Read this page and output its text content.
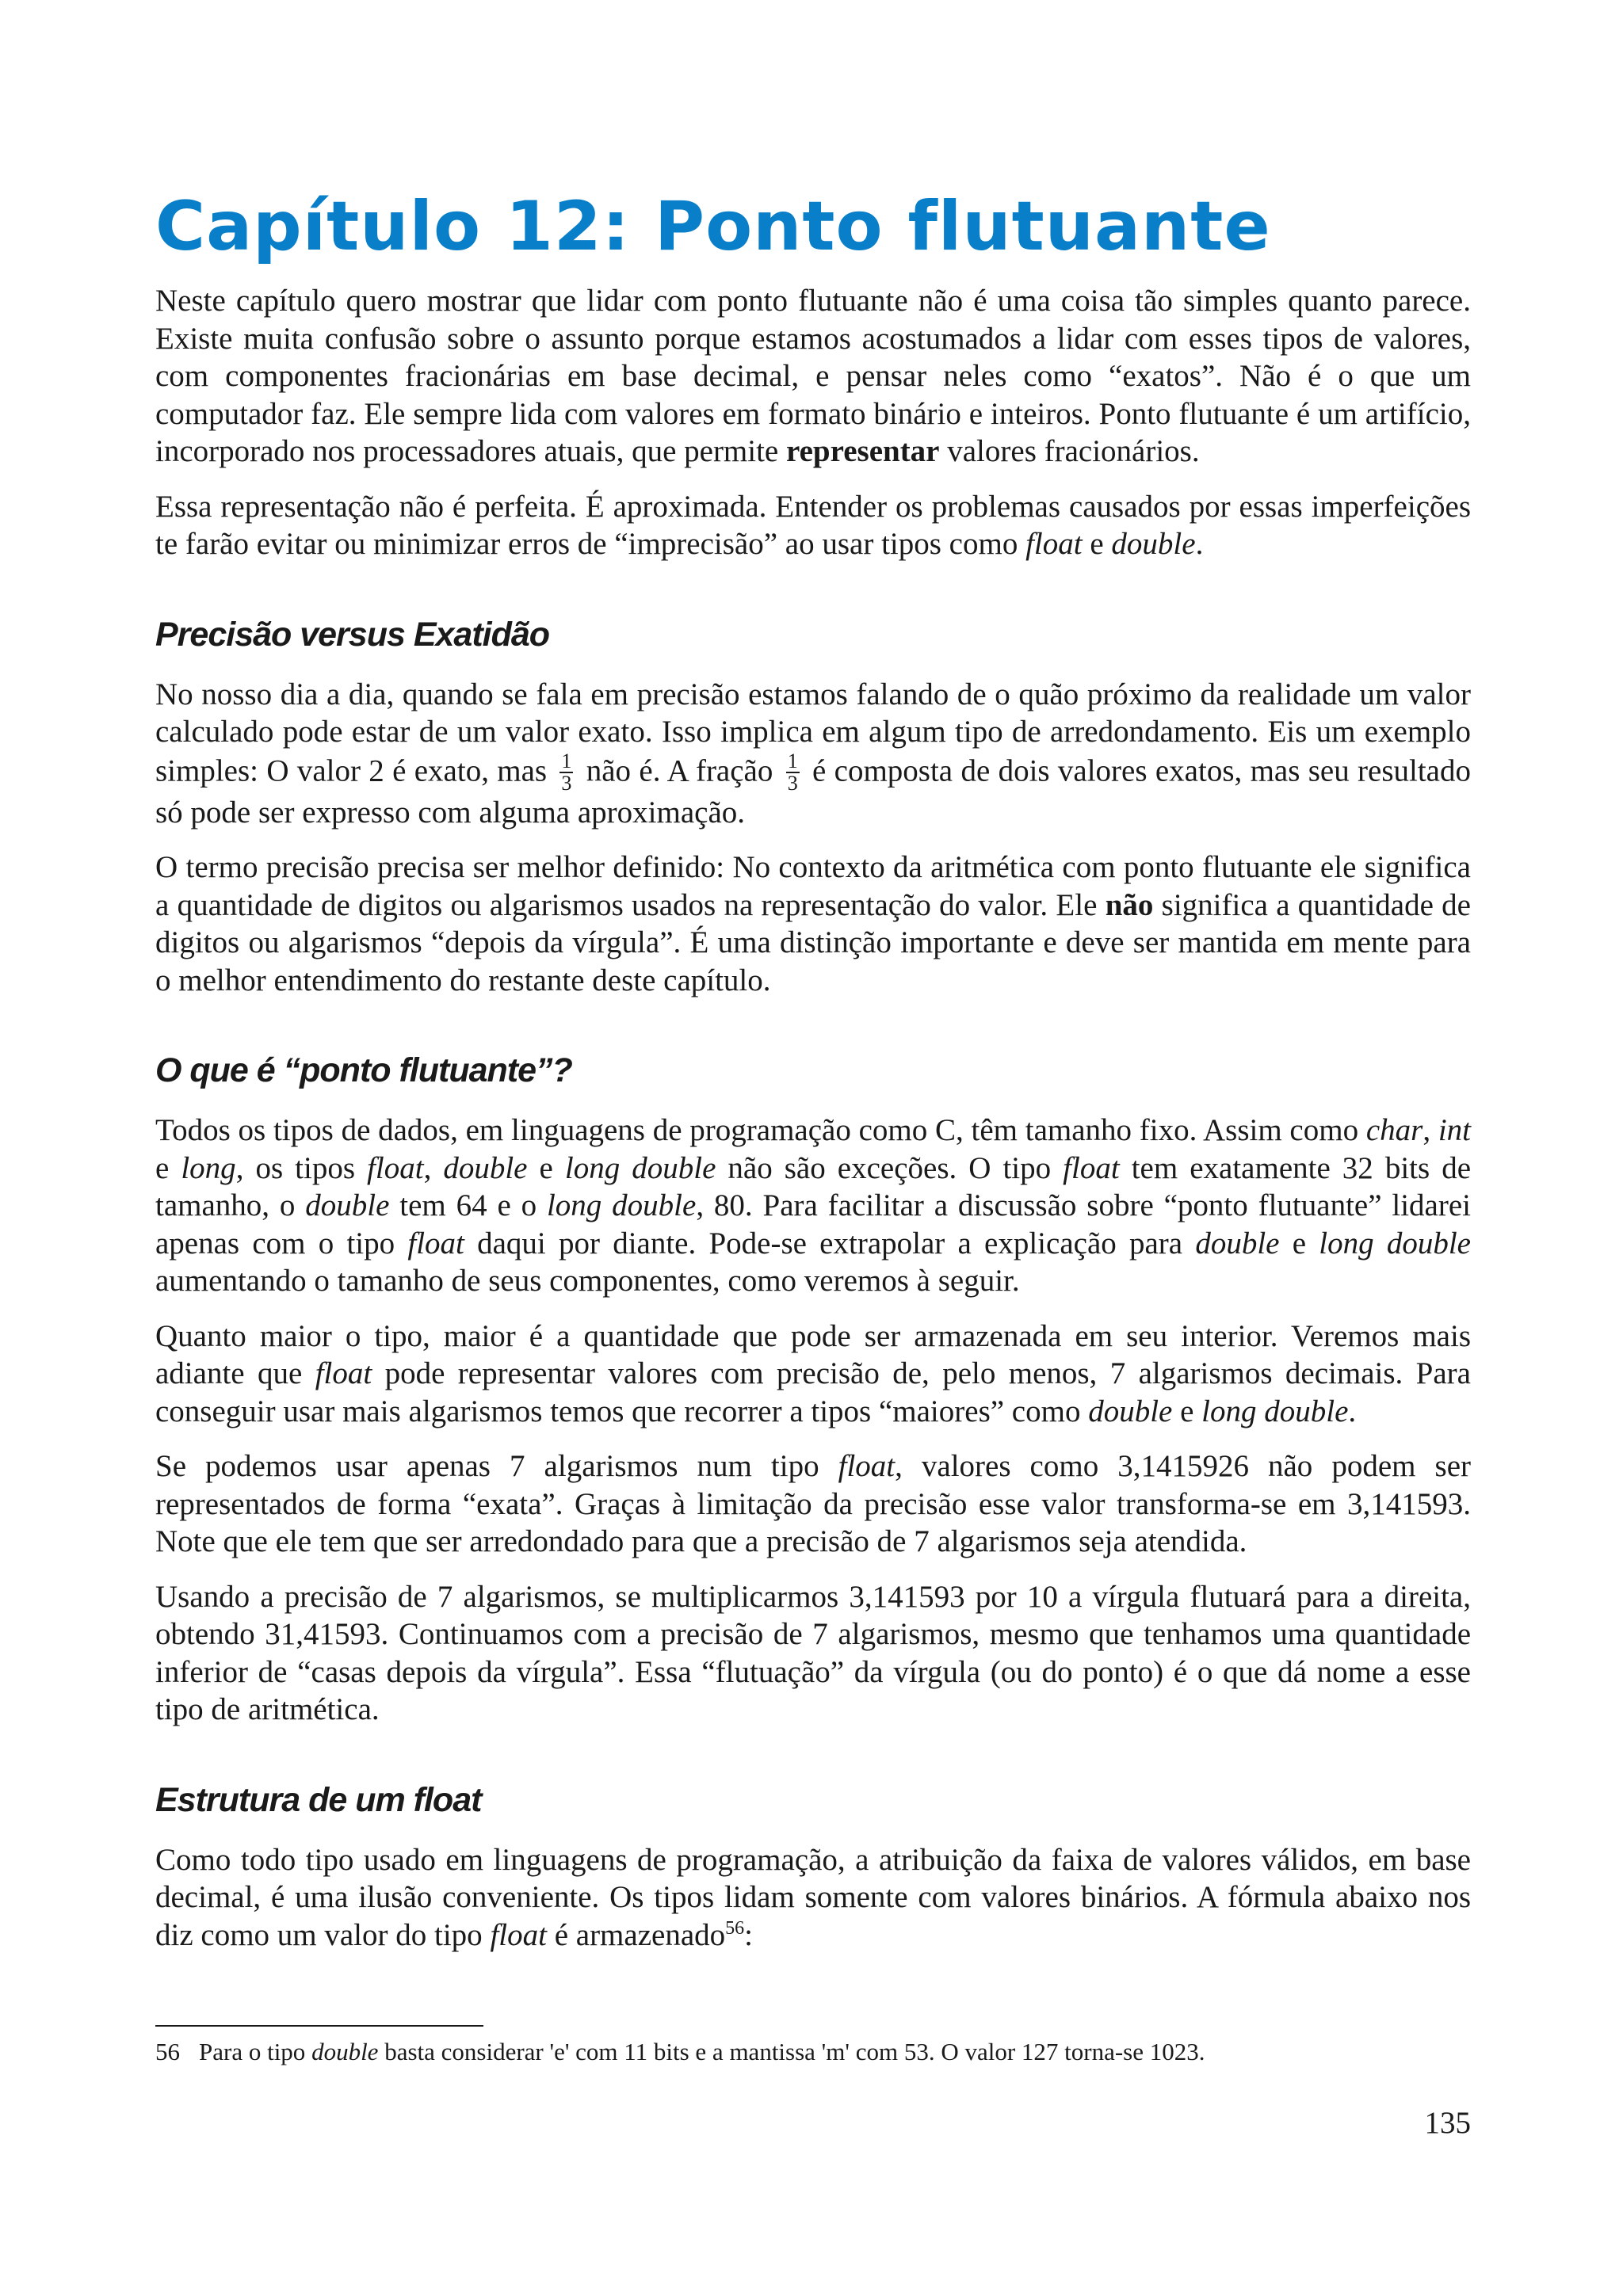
Capítulo 12: Ponto flutuante

Neste capítulo quero mostrar que lidar com ponto flutuante não é uma coisa tão simples quanto parece. Existe muita confusão sobre o assunto porque estamos acostumados a lidar com esses tipos de valores, com componentes fracionárias em base decimal, e pensar neles como “exatos”. Não é o que um computador faz. Ele sempre lida com valores em formato binário e inteiros. Ponto flutuante é um artifício, incorporado nos processadores atuais, que permite representar valores fracionários.

Essa representação não é perfeita. É aproximada. Entender os problemas causados por essas imperfeições te farão evitar ou minimizar erros de “imprecisão” ao usar tipos como float e double.

Precisão versus Exatidão

No nosso dia a dia, quando se fala em precisão estamos falando de o quão próximo da realidade um valor calculado pode estar de um valor exato. Isso implica em algum tipo de arredondamento. Eis um exemplo simples: O valor 2 é exato, mas $\frac{1}{3}$ não é. A fração $\frac{1}{3}$ é composta de dois valores exatos, mas seu resultado só pode ser expresso com alguma aproximação.

O termo precisão precisa ser melhor definido: No contexto da aritmética com ponto flutuante ele significa a quantidade de digitos ou algarismos usados na representação do valor. Ele não significa a quantidade de digitos ou algarismos “depois da vírgula”. É uma distinção importante e deve ser mantida em mente para o melhor entendimento do restante deste capítulo.

O que é “ponto flutuante”?

Todos os tipos de dados, em linguagens de programação como C, têm tamanho fixo. Assim como char, int e long, os tipos float, double e long double não são exceções. O tipo float tem exatamente 32 bits de tamanho, o double tem 64 e o long double, 80. Para facilitar a discussão sobre “ponto flutuante” lidarei apenas com o tipo float daqui por diante. Pode-se extrapolar a explicação para double e long double aumentando o tamanho de seus componentes, como veremos à seguir.

Quanto maior o tipo, maior é a quantidade que pode ser armazenada em seu interior. Veremos mais adiante que float pode representar valores com precisão de, pelo menos, 7 algarismos decimais. Para conseguir usar mais algarismos temos que recorrer a tipos “maiores” como double e long double.

Se podemos usar apenas 7 algarismos num tipo float, valores como 3,1415926 não podem ser representados de forma “exata”. Graças à limitação da precisão esse valor transforma-se em 3,141593. Note que ele tem que ser arredondado para que a precisão de 7 algarismos seja atendida.

Usando a precisão de 7 algarismos, se multiplicarmos 3,141593 por 10 a vírgula flutuará para a direita, obtendo 31,41593. Continuamos com a precisão de 7 algarismos, mesmo que tenhamos uma quantidade inferior de “casas depois da vírgula”. Essa “flutuação” da vírgula (ou do ponto) é o que dá nome a esse tipo de aritmética.

Estrutura de um float

Como todo tipo usado em linguagens de programação, a atribuição da faixa de valores válidos, em base decimal, é uma ilusão conveniente. Os tipos lidam somente com valores binários. A fórmula abaixo nos diz como um valor do tipo float é armazenado$^{56}$:

56 Para o tipo double basta considerar 'e' com 11 bits e a mantissa 'm' com 53. O valor 127 torna-se 1023.
135
